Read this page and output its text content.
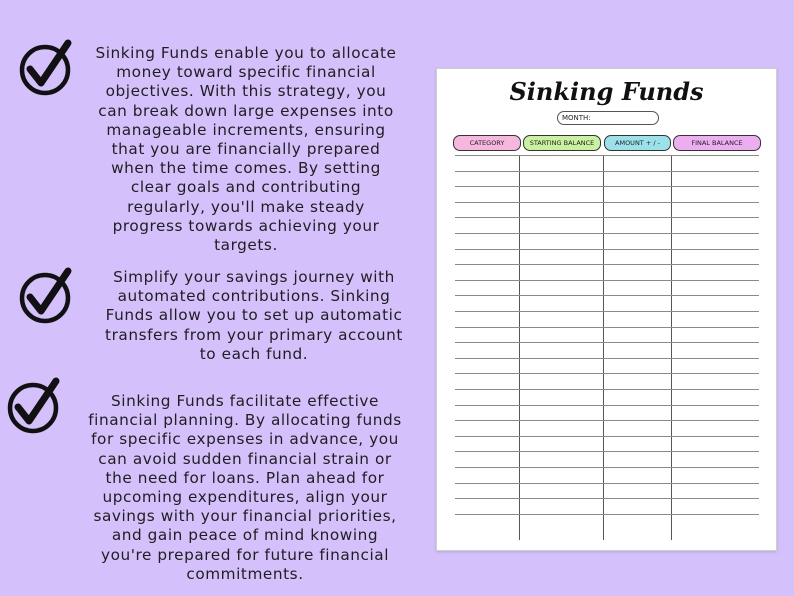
Sinking Funds enable you to allocate
money toward specific financial
objectives. With this strategy, you
can break down large expenses into
manageable increments, ensuring
that you are financially prepared
when the time comes. By setting
clear goals and contributing
regularly, you'll make steady
progress towards achieving your
targets.
Simplify your savings journey with
automated contributions. Sinking
Funds allow you to set up automatic
transfers from your primary account
to each fund.
Sinking Funds facilitate effective
financial planning. By allocating funds
for specific expenses in advance, you
can avoid sudden financial strain or
the need for loans. Plan ahead for
upcoming expenditures, align your
savings with your financial priorities,
and gain peace of mind knowing
you're prepared for future financial
commitments.
Sinking Funds
MONTH:
CATEGORY	STARTING BALANCE	AMOUNT + / -	FINAL BALANCE
